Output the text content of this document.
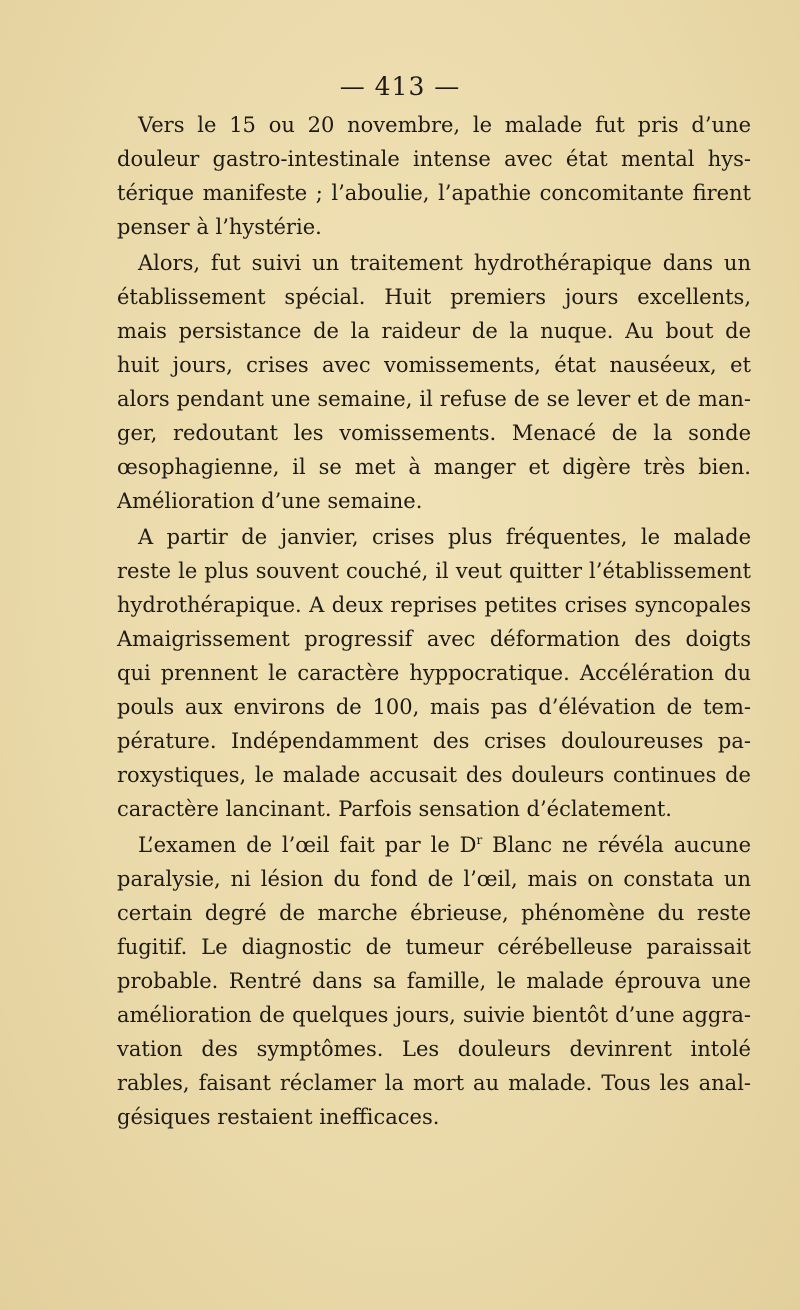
— 413 —
Vers le 15 ou 20 novembre, le malade fut pris d’une
douleur gastro-intestinale intense avec état mental hys-
térique manifeste ; l’aboulie, l’apathie concomitante firent
penser à l’hystérie.
Alors, fut suivi un traitement hydrothérapique dans un
établissement spécial. Huit premiers jours excellents,
mais persistance de la raideur de la nuque. Au bout de
huit jours, crises avec vomissements, état nauséeux, et
alors pendant une semaine, il refuse de se lever et de man-
ger, redoutant les vomissements. Menacé de la sonde
œsophagienne, il se met à manger et digère très bien.
Amélioration d’une semaine.
A partir de janvier, crises plus fréquentes, le malade
reste le plus souvent couché, il veut quitter l’établissement
hydrothérapique. A deux reprises petites crises syncopales
Amaigrissement progressif avec déformation des doigts
qui prennent le caractère hyppocratique. Accélération du
pouls aux environs de 100, mais pas d’élévation de tem-
pérature. Indépendamment des crises douloureuses pa-
roxystiques, le malade accusait des douleurs continues de
caractère lancinant. Parfois sensation d’éclatement.
L’examen de l’œil fait par le $D^r$ Blanc ne révéla aucune
paralysie, ni lésion du fond de l’œil, mais on constata un
certain degré de marche ébrieuse, phénomène du reste
fugitif. Le diagnostic de tumeur cérébelleuse paraissait
probable. Rentré dans sa famille, le malade éprouva une
amélioration de quelques jours, suivie bientôt d’une aggra-
vation des symptômes. Les douleurs devinrent intolé
rables, faisant réclamer la mort au malade. Tous les anal-
gésiques restaient inefficaces.
